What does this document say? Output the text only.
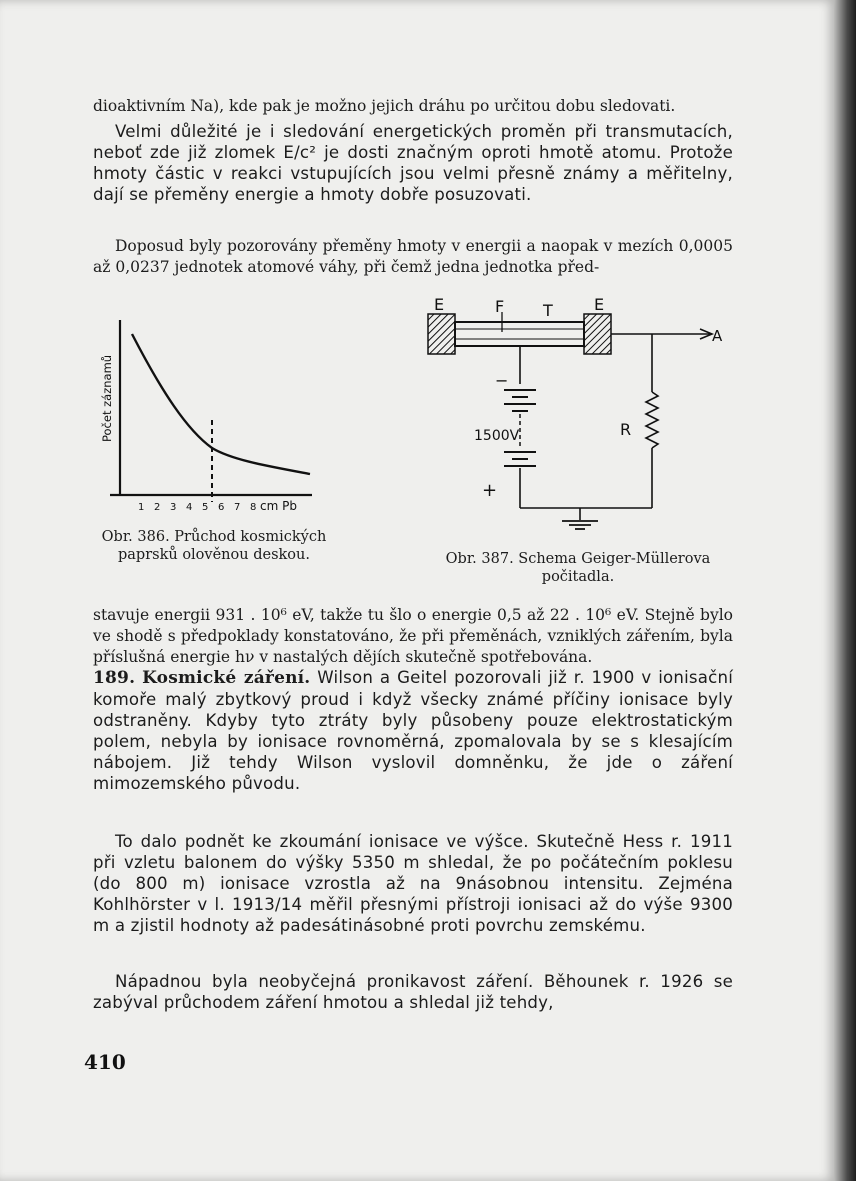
dioaktivním Na), kde pak je možno jejich dráhu po určitou dobu sledovati.

Velmi důležité je i sledování energetických proměn při transmutacích, neboť zde již zlomek E/c² je dosti značným oproti hmotě atomu. Protože hmoty částic v reakci vstupujících jsou velmi přesně známy a měřitelny, dají se přeměny energie a hmoty dobře posuzovati.

Doposud byly pozorovány přeměny hmoty v energii a naopak v mezích 0,0005 až 0,0237 jednotek atomové váhy, při čemž jedna jednotka před-

Počet záznamů
1 2 3 4 5 6 7 8 cm Pb
Obr. 386. Průchod kosmických paprsků olověnou deskou.
E	F T	E
A
−
1500V
+
R
Obr. 387. Schema Geiger-Müllerova počitadla.

stavuje energii 931 . 10⁶ eV, takže tu šlo o energie 0,5 až 22 . 10⁶ eV. Stejně bylo ve shodě s předpoklady konstatováno, že při přeměnách, vzniklých zářením, byla příslušná energie hν v nastalých dějích skutečně spotřebována.

189. Kosmické záření. Wilson a Geitel pozorovali již r. 1900 v ionisační komoře malý zbytkový proud i když všecky známé příčiny ionisace byly odstraněny. Kdyby tyto ztráty byly působeny pouze elektrostatickým polem, nebyla by ionisace rovnoměrná, zpomalovala by se s klesajícím nábojem. Již tehdy Wilson vyslovil domněnku, že jde o záření mimozemského původu.

To dalo podnět ke zkoumání ionisace ve výšce. Skutečně Hess r. 1911 při vzletu balonem do výšky 5350 m shledal, že po počátečním poklesu (do 800 m) ionisace vzrostla až na 9násobnou intensitu. Zejména Kohlhörster v l. 1913/14 měřil přesnými přístroji ionisaci až do výše 9300 m a zjistil hodnoty až padesátinásobné proti povrchu zemskému.

Nápadnou byla neobyčejná pronikavost záření. Běhounek r. 1926 se zabýval průchodem záření hmotou a shledal již tehdy,

410
